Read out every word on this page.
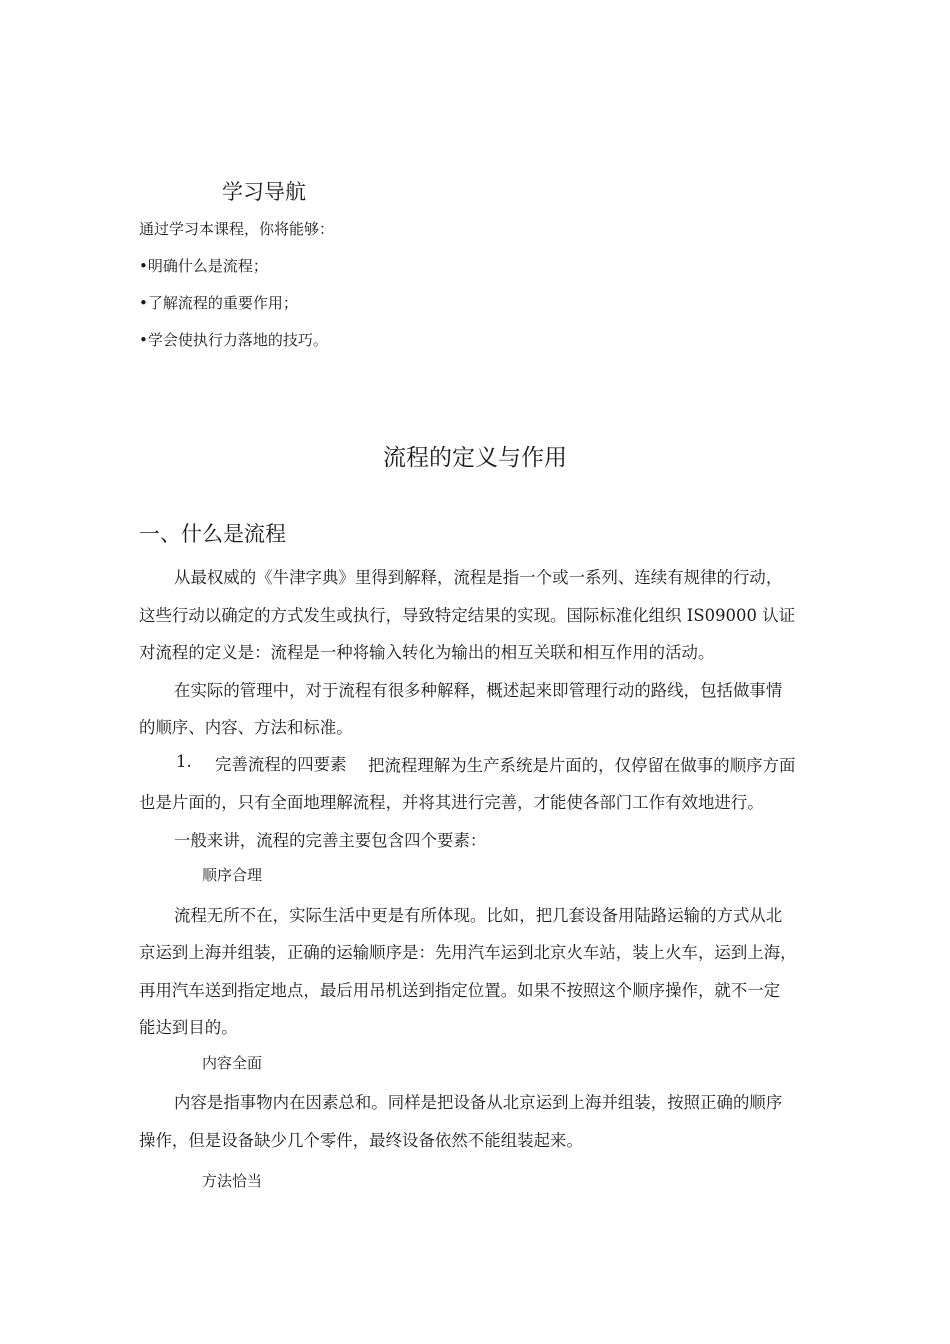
学习导航
通过学习本课程，你将能够：
•明确什么是流程；
•了解流程的重要作用；
•学会使执行力落地的技巧。
流程的定义与作用
一、什么是流程
从最权威的《牛津字典》里得到解释，流程是指一个或一系列、连续有规律的行动，
这些行动以确定的方式发生或执行，导致特定结果的实现。国际标准化组织 IS09000 认证
对流程的定义是：流程是一种将输入转化为输出的相互关联和相互作用的活动。
在实际的管理中，对于流程有很多种解释，概述起来即管理行动的路线，包括做事情
的顺序、内容、方法和标准。
1. 完善流程的四要素 把流程理解为生产系统是片面的，仅停留在做事的顺序方面
也是片面的，只有全面地理解流程，并将其进行完善，才能使各部门工作有效地进行。
一般来讲，流程的完善主要包含四个要素：
顺序合理
流程无所不在，实际生活中更是有所体现。比如，把几套设备用陆路运输的方式从北
京运到上海并组装，正确的运输顺序是：先用汽车运到北京火车站，装上火车，运到上海，
再用汽车送到指定地点，最后用吊机送到指定位置。如果不按照这个顺序操作，就不一定
能达到目的。
内容全面
内容是指事物内在因素总和。同样是把设备从北京运到上海并组装，按照正确的顺序
操作，但是设备缺少几个零件，最终设备依然不能组装起来。
方法恰当
